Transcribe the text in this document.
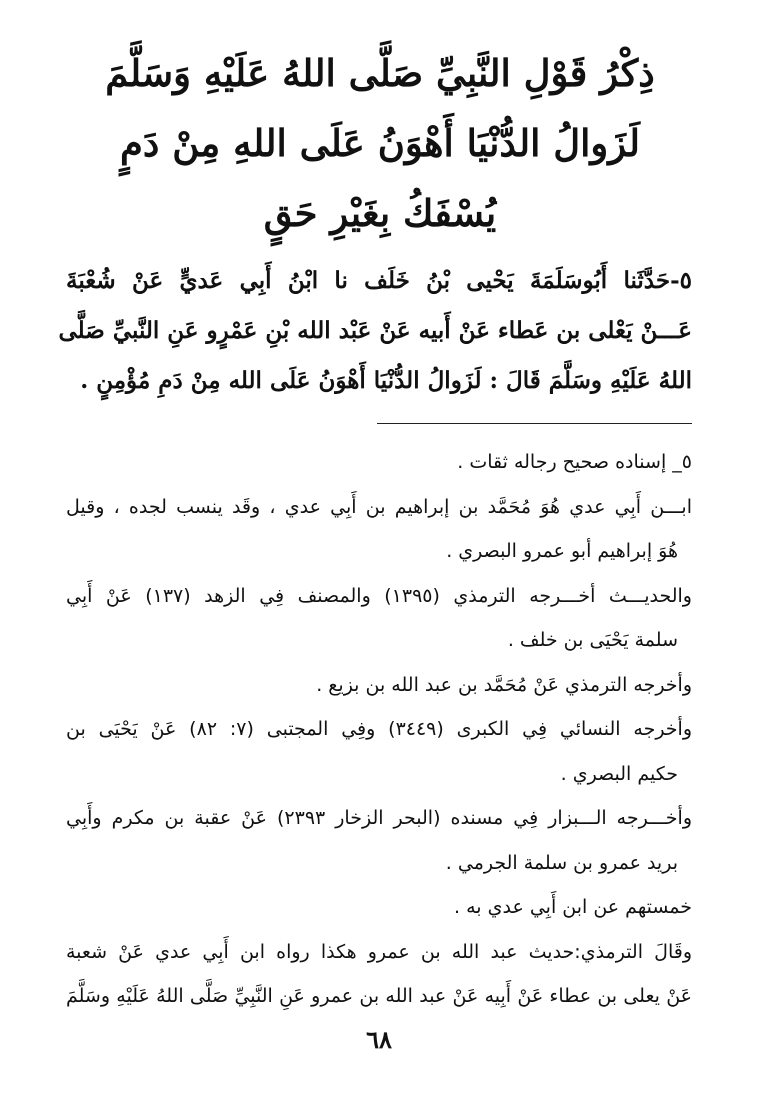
ذِكْرُ قَوْلِ النَّبِيِّ صَلَّى اللهُ عَلَيْهِ وَسَلَّمَ
لَزَوالُ الدُّنْيَا أَهْوَنُ عَلَى اللهِ مِنْ دَمٍ
يُسْفَكُ بِغَيْرِ حَقٍ
٥-حَدَّثَنا أَبُوسَلَمَةَ يَحْيى بْنُ خَلَف نا ابْنُ أَبِي عَديٍّ عَنْ شُعْبَةَ
عَـــنْ يَعْلى بن عَطاء عَنْ أَبيه عَنْ عَبْد الله بْنِ عَمْرٍو عَنِ النَّبيِّ صَلَّى
اللهُ عَلَيْهِ وسَلَّمَ قَالَ : لَزَوالُ الدُّنْيَا أَهْوَنُ عَلَى الله مِنْ دَمِ مُؤْمِنٍ .
٥_ إسناده صحيح رجاله ثقات .
ابـــن أَبِي عدي هُوَ مُحَمَّد بن إبراهيم بن أَبِي عدي ، وقَد ينسب لجده ، وقيل
هُوَ إبراهيم أبو عمرو البصري .
والحديـــث أخـــرجه الترمذي (١٣٩٥) والمصنف فِي الزهد (١٣٧) عَنْ أَبِي
سلمة يَحْيَى بن خلف .
وأخرجه الترمذي عَنْ مُحَمَّد بن عبد الله بن بزيع .
وأخرجه النسائي فِي الكبرى (٣٤٤٩) وفِي المجتبى (٧: ٨٢) عَنْ يَحْيَى بن
حكيم البصري .
وأخـــرجه الـــبزار فِي مسنده (البحر الزخار ٢٣٩٣) عَنْ عقبة بن مكرم وأَبِي
بريد عمرو بن سلمة الجرمي .
خمستهم عن ابن أَبِي عدي به .
وقَالَ الترمذي:حديث عبد الله بن عمرو هكذا رواه ابن أَبِي عدي عَنْ شعبة
عَنْ يعلى بن عطاء عَنْ أَبِيه عَنْ عبد الله بن عمرو عَنِ النَّبِيِّ صَلَّى اللهُ عَلَيْهِ وسَلَّمَ
٦٨
